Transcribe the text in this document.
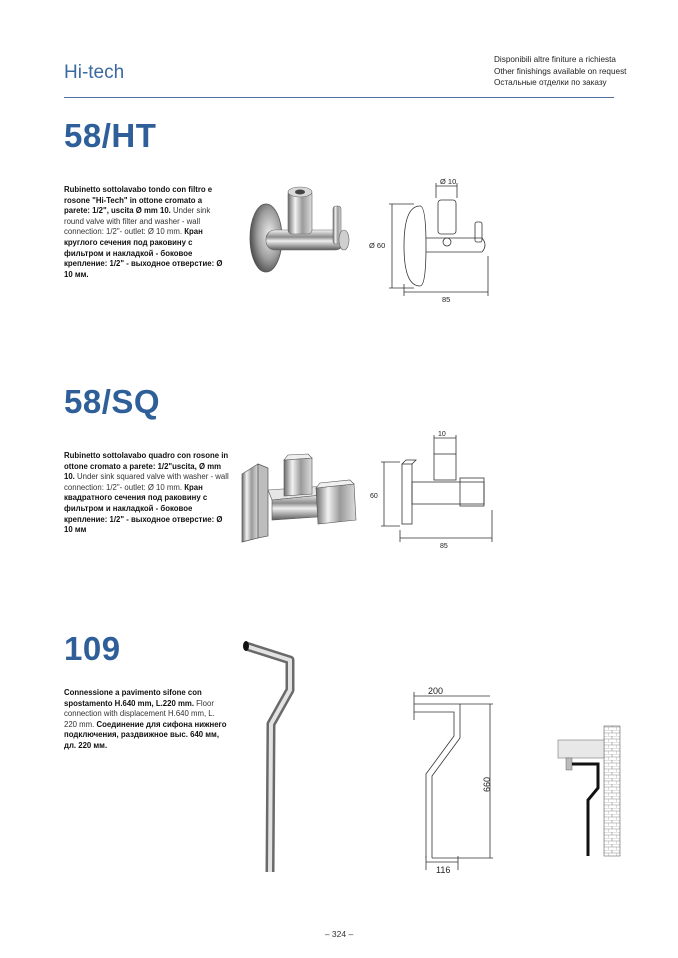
Hi-tech
Disponibili altre finiture a richiesta
Other finishings available on request
Остальные отделки по заказу
58/HT
Rubinetto sottolavabo tondo con filtro e rosone "Hi-Tech" in ottone cromato a parete: 1/2", uscita Ø mm 10. Under sink round valve with filter and washer - wall connection: 1/2"- outlet: Ø 10 mm. Кран круглого сечения под раковину с фильтром и накладкой - боковое крепление: 1/2" - выходное отверстие: Ø 10 мм.
Ø 10
Ø 60
85
58/SQ
Rubinetto sottolavabo quadro con rosone in ottone cromato a parete: 1/2"uscita, Ø mm 10. Under sink squared valve with washer - wall connection: 1/2"- outlet: Ø 10 mm. Кран квадратного сечения под раковину с фильтром и накладкой - боковое крепление: 1/2" - выходное отверстие: Ø 10 мм
10
60
85
109
Connessione a pavimento sifone con spostamento H.640 mm, L.220 mm. Floor connection with displacement H.640 mm, L. 220 mm. Соединение для сифона нижнего подключения, раздвижное выс. 640 мм, дл. 220 мм.
200
660
116
– 324 –
